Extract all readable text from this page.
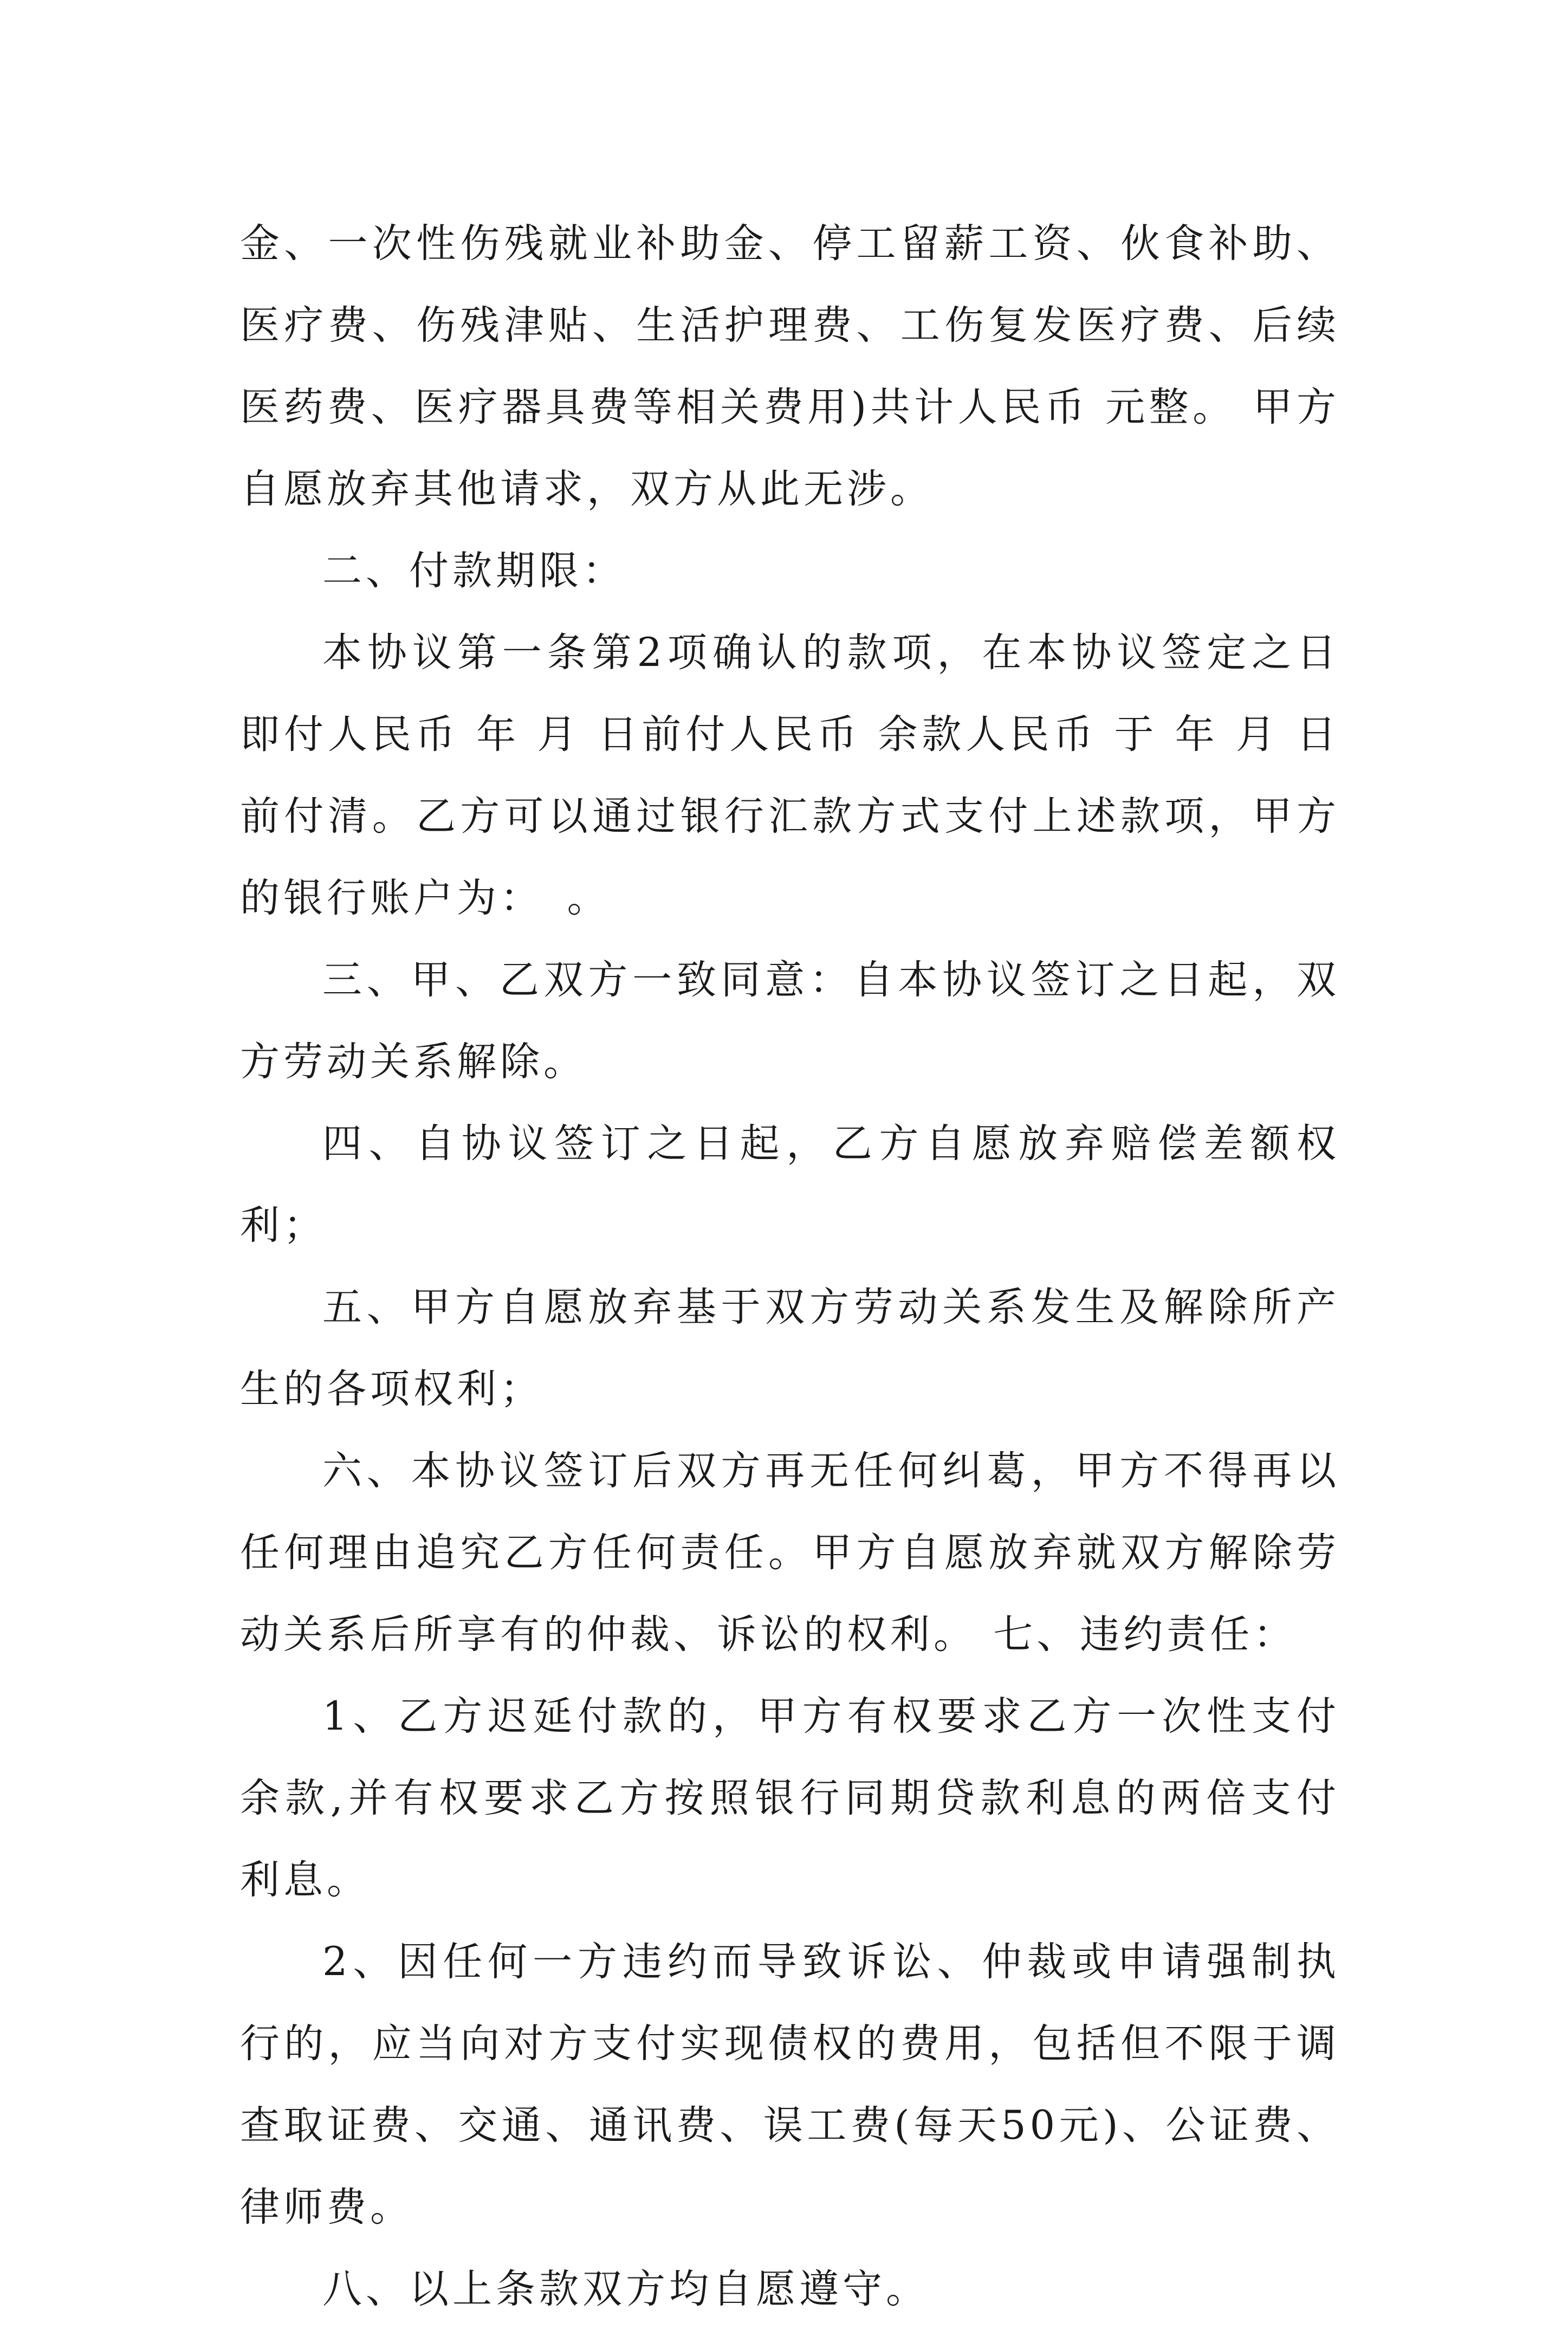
金、一次性伤残就业补助金、停工留薪工资、伙食补助、医疗费、伤残津贴、生活护理费、工伤复发医疗费、后续医药费、医疗器具费等相关费用)共计人民币 元整。 甲方自愿放弃其他请求，双方从此无涉。

二、付款期限：

本协议第一条第2项确认的款项，在本协议签定之日即付人民币 年 月 日前付人民币 余款人民币 于 年 月 日前付清。乙方可以通过银行汇款方式支付上述款项，甲方的银行账户为：　。

三、甲、乙双方一致同意：自本协议签订之日起，双方劳动关系解除。

四、自协议签订之日起，乙方自愿放弃赔偿差额权利；

五、甲方自愿放弃基于双方劳动关系发生及解除所产生的各项权利；

六、本协议签订后双方再无任何纠葛，甲方不得再以任何理由追究乙方任何责任。甲方自愿放弃就双方解除劳动关系后所享有的仲裁、诉讼的权利。 七、违约责任：

1、乙方迟延付款的，甲方有权要求乙方一次性支付余款,并有权要求乙方按照银行同期贷款利息的两倍支付利息。

2、因任何一方违约而导致诉讼、仲裁或申请强制执行的，应当向对方支付实现债权的费用，包括但不限于调查取证费、交通、通讯费、误工费(每天50元)、公证费、律师费。

八、以上条款双方均自愿遵守。
